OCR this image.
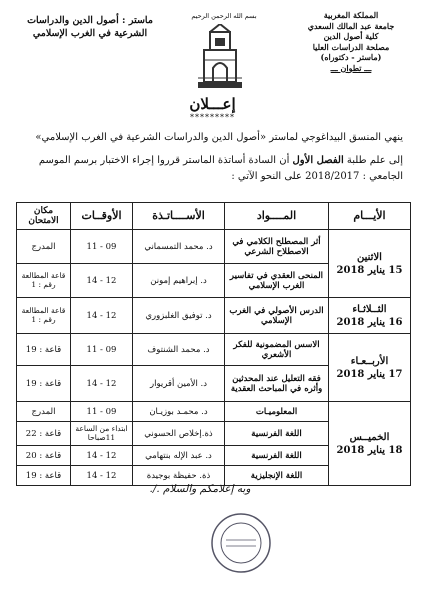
المملكة المغربية
جامعة عبد المالك السعدي
كلية أصول الدين
مصلحة الدراسات العليا
(ماستر - دكتوراه)
ـــ تطوان ـــ
ماستر : أصول الدين والدراسات
الشرعية في الغرب الإسلامي
بسم الله الرحمن الرحيم
إعـــلان
*********
ينهي المنسق البيداغوجي لماستر «أصول الدين والدراسات الشرعية في الغرب الإسلامي»
إلى علم طلبة الفصل الأول أن السادة أساتذة الماستر قرروا إجراء الاختبار برسم الموسم الجامعي : 2018/2017 على النحو الآتي :
الأيـــام	المــــواد	الأســــاتـذة	الأوقــات	مكان الامتحان

الاثنين
15 يناير 2018	أثر المصطلح الكلامي في الاصطلاح الشرعي	د. محمد التمسماني	09 - 11	المدرج
	المنحى العقدي في تفاسير الغرب الإسلامي	د. إبراهيم إمونن	12 - 14	قاعة المطالعة رقم : 1

الثــلاثـاء
16 يناير 2018	الدرس الأصولي في الغرب الإسلامي	د. توفيق الغلبزوري	12 - 14	قاعة المطالعة رقم : 1

الأربــعـاء
17 يناير 2018	الاسس المضمونية للفكر الأشعري	د. محمد الشنتوف	09 - 11	قاعة : 19
	فقه التعليل عند المحدثين وأثره في المباحث العقدية	د. الأمين أقريوار	12 - 14	قاعة : 19

الخميــس
18 يناير 2018	المعلوميـات	د. محمـد بوزيـان	09 - 11	المدرج
	اللغة الفرنسية	ذة.إخلاص الحسوني	ابتداء من الساعة 11صباحا	قاعة : 22
	اللغة الفرنسية	د. عبد الإله بنتهامي	12 - 14	قاعة : 20
	اللغة الإنجليزية	ذة. حفيظة بوجيدة	12 - 14	قاعة : 19
وبه إعلامكم والسلام ./.
